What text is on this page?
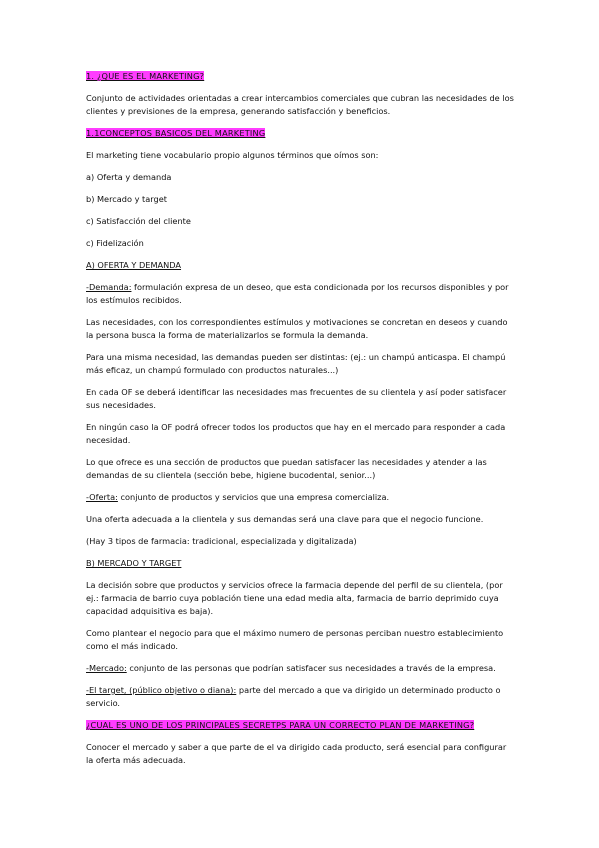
1. ¿QUE ES EL MARKETING?

Conjunto de actividades orientadas a crear intercambios comerciales que cubran las necesidades de los clientes y previsiones de la empresa, generando satisfacción y beneficios.

1.1CONCEPTOS BASICOS DEL MARKETING

El marketing tiene vocabulario propio algunos términos que oímos son:

a) Oferta y demanda

b) Mercado y target

c) Satisfacción del cliente

c) Fidelización

A) OFERTA Y DEMANDA

-Demanda: formulación expresa de un deseo, que esta condicionada por los recursos disponibles y por los estímulos recibidos.

Las necesidades, con los correspondientes estímulos y motivaciones se concretan en deseos y cuando la persona busca la forma de materializarlos se formula la demanda.

Para una misma necesidad, las demandas pueden ser distintas: (ej.: un champú anticaspa. El champú más eficaz, un champú formulado con productos naturales...)

En cada OF se deberá identificar las necesidades mas frecuentes de su clientela y así poder satisfacer sus necesidades.

En ningún caso la OF podrá ofrecer todos los productos que hay en el mercado para responder a cada necesidad.

Lo que ofrece es una sección de productos que puedan satisfacer las necesidades y atender a las demandas de su clientela (sección bebe, higiene bucodental, senior...)

-Oferta: conjunto de productos y servicios que una empresa comercializa.

Una oferta adecuada a la clientela y sus demandas será una clave para que el negocio funcione.

(Hay 3 tipos de farmacia: tradicional, especializada y digitalizada)

B) MERCADO Y TARGET

La decisión sobre que productos y servicios ofrece la farmacia depende del perfil de su clientela, (por ej.: farmacia de barrio cuya población tiene una edad media alta, farmacia de barrio deprimido cuya capacidad adquisitiva es baja).

Como plantear el negocio para que el máximo numero de personas perciban nuestro establecimiento como el más indicado.

-Mercado: conjunto de las personas que podrían satisfacer sus necesidades a través de la empresa.

-El target, (público objetivo o diana): parte del mercado a que va dirigido un determinado producto o servicio.

¿CUAL ES UNO DE LOS PRINCIPALES SECRETPS PARA UN CORRECTO PLAN DE MARKETING?

Conocer el mercado y saber a que parte de el va dirigido cada producto, será esencial para configurar la oferta más adecuada.
